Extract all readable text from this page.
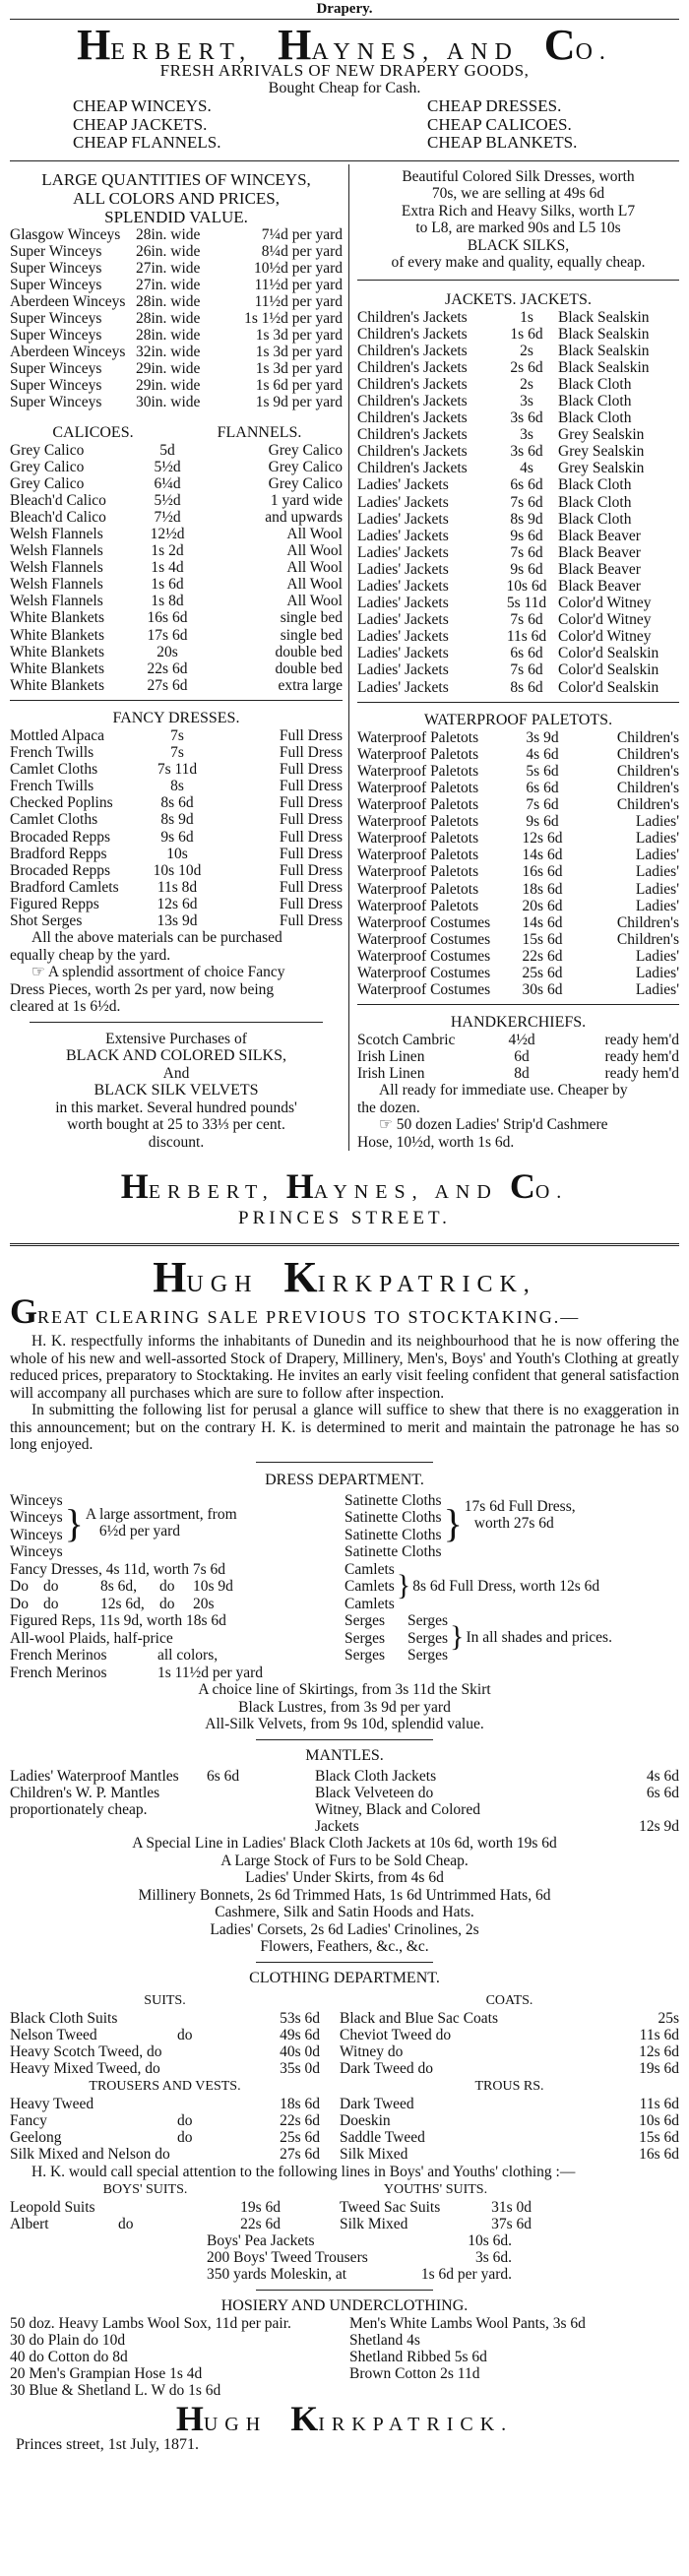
Drapery.
HERBERT, HAYNES, AND CO.
FRESH ARRIVALS OF NEW DRAPERY GOODS,
Bought Cheap for Cash.
CHEAP WINCEYS.	CHEAP DRESSES.
CHEAP JACKETS.	CHEAP CALICOES.
CHEAP FLANNELS.	CHEAP BLANKETS.
LARGE QUANTITIES OF WINCEYS,
ALL COLORS AND PRICES,
SPLENDID VALUE.
Glasgow Winceys	28in. wide	7¼d per yard
Super Winceys	26in. wide	8¼d per yard
Super Winceys	27in. wide	10½d per yard
Super Winceys	27in. wide	11½d per yard
Aberdeen Winceys 28in. wide	11½d per yard
Super Winceys	28in. wide	1s 1½d per yard
Super Winceys	28in. wide	1s 3d per yard
Aberdeen Winceys 32in. wide	1s 3d per yard
Super Winceys	29in. wide	1s 3d per yard
Super Winceys	29in. wide	1s 6d per yard
Super Winceys	30in. wide	1s 9d per yard
CALICOES.	FLANNELS.
Grey Calico	5d	Grey Calico
Grey Calico	5½d	Grey Calico
Grey Calico	6¼d	Grey Calico
Bleach'd Calico	5½d	1 yard wide
Bleach'd Calico	7½d	and upwards
Welsh Flannels	12½d	All Wool
Welsh Flannels	1s 2d	All Wool
Welsh Flannels	1s 4d	All Wool
Welsh Flannels	1s 6d	All Wool
Welsh Flannels	1s 8d	All Wool
White Blankets	16s 6d	single bed
White Blankets	17s 6d	single bed
White Blankets	20s	double bed
White Blankets	22s 6d	double bed
White Blankets	27s 6d	extra large
FANCY DRESSES.
Mottled Alpaca	7s	Full Dress
French Twills	7s	Full Dress
Camlet Cloths	7s 11d	Full Dress
French Twills	8s	Full Dress
Checked Poplins	8s 6d	Full Dress
Camlet Cloths	8s 9d	Full Dress
Brocaded Repps	9s 6d	Full Dress
Bradford Repps	10s	Full Dress
Brocaded Repps	10s 10d	Full Dress
Bradford Camlets	11s 8d	Full Dress
Figured Repps	12s 6d	Full Dress
Shot Serges	13s 9d	Full Dress
All the above materials can be purchased
equally cheap by the yard.
☞ A splendid assortment of choice Fancy
Dress Pieces, worth 2s per yard, now being
cleared at 1s 6½d.
Extensive Purchases of
BLACK AND COLORED SILKS,
And
BLACK SILK VELVETS
in this market. Several hundred pounds'
worth bought at 25 to 33⅓ per cent.
discount.
Beautiful Colored Silk Dresses, worth
70s, we are selling at 49s 6d
Extra Rich and Heavy Silks, worth L7
to L8, are marked 90s and L5 10s
BLACK SILKS,
of every make and quality, equally cheap.
JACKETS. JACKETS.
Children's Jackets	1s	Black Sealskin
Children's Jackets	1s 6d Black Sealskin
Children's Jackets	2s	Black Sealskin
Children's Jackets	2s 6d Black Sealskin
Children's Jackets	2s	Black Cloth
Children's Jackets	3s	Black Cloth
Children's Jackets	3s 6d Black Cloth
Children's Jackets	3s	Grey Sealskin
Children's Jackets	3s 6d Grey Sealskin
Children's Jackets	4s	Grey Sealskin
Ladies' Jackets	6s 6d Black Cloth
Ladies' Jackets	7s 6d Black Cloth
Ladies' Jackets	8s 9d Black Cloth
Ladies' Jackets	9s 6d Black Beaver
Ladies' Jackets	7s 6d Black Beaver
Ladies' Jackets	9s 6d Black Beaver
Ladies' Jackets	10s 6d Black Beaver
Ladies' Jackets	5s 11d Color'd Witney
Ladies' Jackets	7s 6d Color'd Witney
Ladies' Jackets	11s 6d Color'd Witney
Ladies' Jackets	6s 6d Color'd Sealskin
Ladies' Jackets	7s 6d Color'd Sealskin
Ladies' Jackets	8s 6d Color'd Sealskin
WATERPROOF PALETOTS.
Waterproof Paletots	3s 9d	Children's
Waterproof Paletots	4s 6d	Children's
Waterproof Paletots	5s 6d	Children's
Waterproof Paletots	6s 6d	Children's
Waterproof Paletots	7s 6d	Children's
Waterproof Paletots	9s 6d	Ladies'
Waterproof Paletots	12s 6d	Ladies'
Waterproof Paletots	14s 6d	Ladies'
Waterproof Paletots	16s 6d	Ladies'
Waterproof Paletots	18s 6d	Ladies'
Waterproof Paletots	20s 6d	Ladies'
Waterproof Costumes	14s 6d	Children's
Waterproof Costumes	15s 6d	Children's
Waterproof Costumes	22s 6d	Ladies'
Waterproof Costumes	25s 6d	Ladies'
Waterproof Costumes	30s 6d	Ladies'
HANDKERCHIEFS.
Scotch Cambric	4½d	ready hem'd
Irish Linen	6d	ready hem'd
Irish Linen	8d	ready hem'd
All ready for immediate use. Cheaper by
the dozen.
☞ 50 dozen Ladies' Strip'd Cashmere
Hose, 10½d, worth 1s 6d.
HERBERT, HAYNES, AND CO.
PRINCES STREET.
HUGH KIRKPATRICK,
GREAT CLEARING SALE PREVIOUS TO STOCKTAKING.—
H. K. respectfully informs the inhabitants of Dunedin and its neighbourhood that he is now offering the whole of his new and well-assorted Stock of Drapery, Millinery, Men's, Boys' and Youth's Clothing at greatly reduced prices, preparatory to Stocktaking. He invites an early visit feeling confident that general satisfaction will accompany all purchases which are sure to follow after inspection.
In submitting the following list for perusal a glance will suffice to shew that there is no exaggeration in this announcement; but on the contrary H. K. is determined to merit and maintain the patronage he has so long enjoyed.
DRESS DEPARTMENT.
Winceys
Winceys
Winceys
Winceys
} A large assortment, from
6½d per yard
Fancy Dresses, 4s 11d, worth 7s 6d
Do do	8s 6d,	do	10s 9d
Do do	12s 6d, do	20s
Figured Reps, 11s 9d, worth 18s 6d
All-wool Plaids, half-price
French Merinos	all colors,
French Merinos	1s 11½d per yard
Satinette Cloths
Satinette Cloths
Satinette Cloths
Satinette Cloths
} 17s 6d Full Dress,
worth 27s 6d
Camlets
Camlets
Camlets
} 8s 6d Full Dress, worth 12s 6d
Serges	Serges
Serges	Serges
Serges	Serges
} In all shades and prices.
A choice line of Skirtings, from 3s 11d the Skirt
Black Lustres, from 3s 9d per yard
All-Silk Velvets, from 9s 10d, splendid value.
MANTLES.
Ladies' Waterproof Mantles	6s 6d	Black Cloth Jackets	4s 6d
Children's W. P. Mantles	Black Velveteen do	6s 6d
proportionately cheap.	Witney, Black and Colored
Jackets	12s 9d
A Special Line in Ladies' Black Cloth Jackets at 10s 6d, worth 19s 6d
A Large Stock of Furs to be Sold Cheap.
Ladies' Under Skirts, from 4s 6d
Millinery Bonnets, 2s 6d Trimmed Hats, 1s 6d Untrimmed Hats, 6d
Cashmere, Silk and Satin Hoods and Hats.
Ladies' Corsets, 2s 6d Ladies' Crinolines, 2s
Flowers, Feathers, &c., &c.
CLOTHING DEPARTMENT.
SUITS.
Black Cloth Suits	53s 6d
Nelson Tweed	do	49s 6d
Heavy Scotch Tweed, do	40s 0d
Heavy Mixed Tweed, do	35s 0d
TROUSERS AND VESTS.
Heavy Tweed	18s 6d
Fancy	do	22s 6d
Geelong	do	25s 6d
Silk Mixed and Nelson do	27s 6d
COATS.
Black and Blue Sac Coats	25s
Cheviot Tweed do	11s 6d
Witney do	12s 6d
Dark Tweed do	19s 6d
TROUS RS.
Dark Tweed	11s 6d
Doeskin	10s 6d
Saddle Tweed	15s 6d
Silk Mixed	16s 6d
H. K. would call special attention to the following lines in Boys' and Youths' clothing :—
BOYS' SUITS.
Leopold Suits	19s 6d
Albert	do	22s 6d
YOUTHS' SUITS.
Tweed Sac Suits	31s 0d
Silk Mixed	37s 6d
Boys' Pea Jackets	10s 6d.
200 Boys' Tweed Trousers	3s 6d.
350 yards Moleskin, at	1s 6d per yard.
HOSIERY AND UNDERCLOTHING.
50 doz. Heavy Lambs Wool Sox, 11d per pair.	Men's White Lambs Wool Pants, 3s 6d
30 do Plain do 10d	Shetland 4s
40 do Cotton do 8d	Shetland Ribbed 5s 6d
20 Men's Grampian Hose 1s 4d	Brown Cotton 2s 11d
30 Blue & Shetland L. W do 1s 6d
HUGH KIRKPATRICK.
Princes street, 1st July, 1871.
